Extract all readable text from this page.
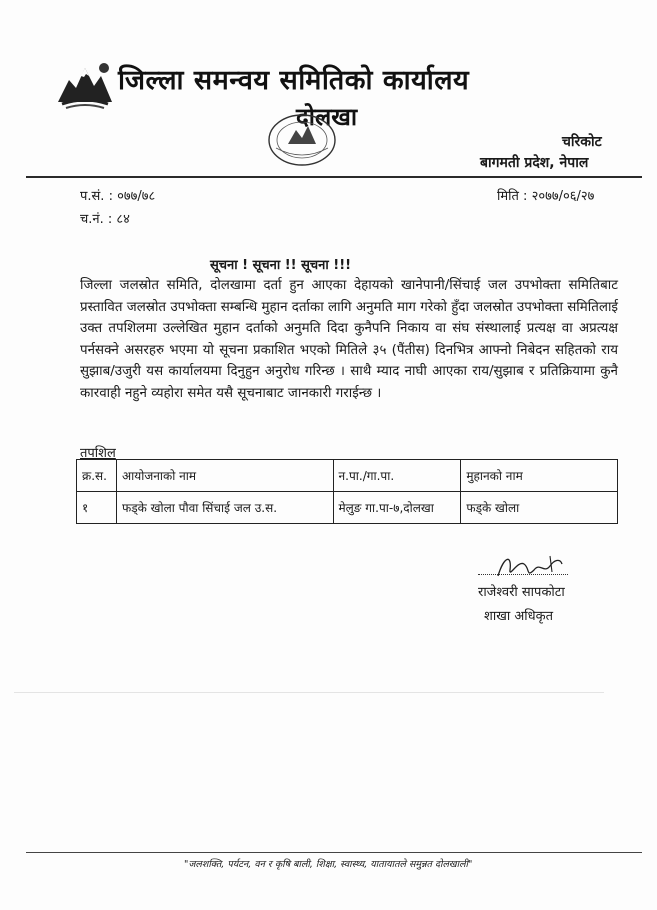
जिल्ला समन्वय समितिको कार्यालय
दोलखा
चरिकोट
बागमती प्रदेश, नेपाल
प.सं. : ०७७/७८
च.नं. : ८४
मिति : २०७७/०६/२७
सूचना ! सूचना !! सूचना !!!
जिल्ला जलस्रोत समिति, दोलखामा दर्ता हुन आएका देहायको खानेपानी/सिंचाई जल उपभोक्ता समितिबाट प्रस्तावित जलस्रोत उपभोक्ता सम्बन्धि मुहान दर्ताका लागि अनुमति माग गरेको हुँदा जलस्रोत उपभोक्ता समितिलाई उक्त तपशिलमा उल्लेखित मुहान दर्ताको अनुमति दिदा कुनैपनि निकाय वा संघ संस्थालाई प्रत्यक्ष वा अप्रत्यक्ष पर्नसक्ने असरहरु भएमा यो सूचना प्रकाशित भएको मितिले ३५ (पैंतीस) दिनभित्र आफ्नो निबेदन सहितको राय सुझाब/उजुरी यस कार्यालयमा दिनुहुन अनुरोध गरिन्छ । साथै म्याद नाघी आएका राय/सुझाब र प्रतिक्रियामा कुनै कारवाही नहुने व्यहोरा समेत यसै सूचनाबाट जानकारी गराईन्छ ।
तपशिल
क्र.स.	आयोजनाको नाम	न.पा./गा.पा.	मुहानको नाम
१	फड्के खोला पौवा सिंचाई जल उ.स.	मेलुङ गा.पा-७,दोलखा	फड्के खोला
राजेश्वरी सापकोटा
शाखा अधिकृत
"जलशक्ति, पर्यटन, वन र कृषि बाली, शिक्षा, स्वास्थ्य, यातायातले समुन्नत दोलखाली"
